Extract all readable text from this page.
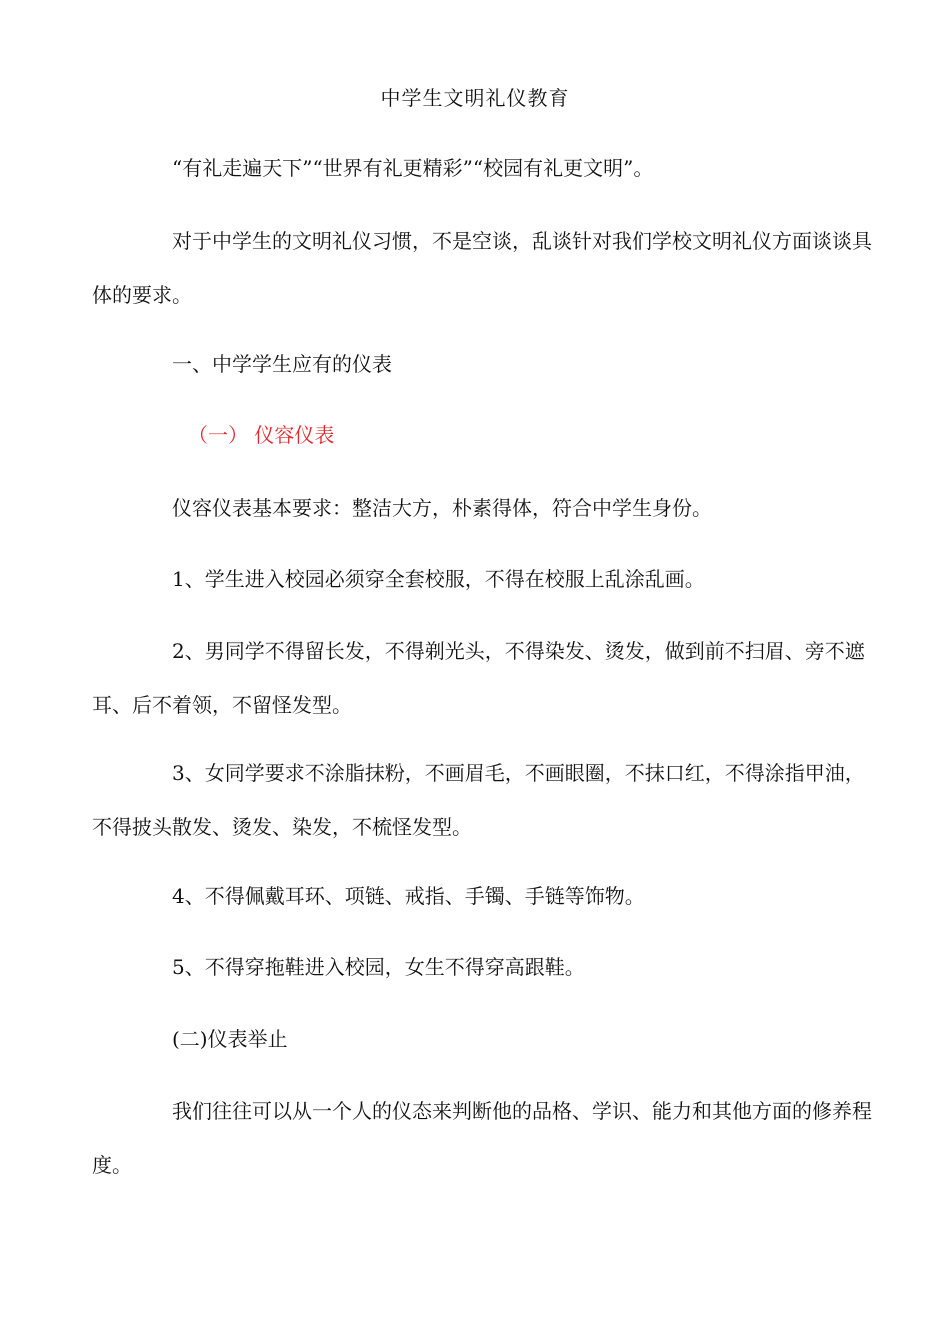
中学生文明礼仪教育

“有礼走遍天下”“世界有礼更精彩”“校园有礼更文明”。

对于中学生的文明礼仪习惯，不是空谈，乱谈针对我们学校文明礼仪方面谈谈具体的要求。

一、中学学生应有的仪表

（一） 仪容仪表

仪容仪表基本要求：整洁大方，朴素得体，符合中学生身份。

1、学生进入校园必须穿全套校服，不得在校服上乱涂乱画。

2、男同学不得留长发，不得剃光头，不得染发、烫发，做到前不扫眉、旁不遮耳、后不着领，不留怪发型。

3、女同学要求不涂脂抹粉，不画眉毛，不画眼圈，不抹口红，不得涂指甲油，不得披头散发、烫发、染发，不梳怪发型。

4、不得佩戴耳环、项链、戒指、手镯、手链等饰物。

5、不得穿拖鞋进入校园，女生不得穿高跟鞋。

(二)仪表举止

我们往往可以从一个人的仪态来判断他的品格、学识、能力和其他方面的修养程度。
